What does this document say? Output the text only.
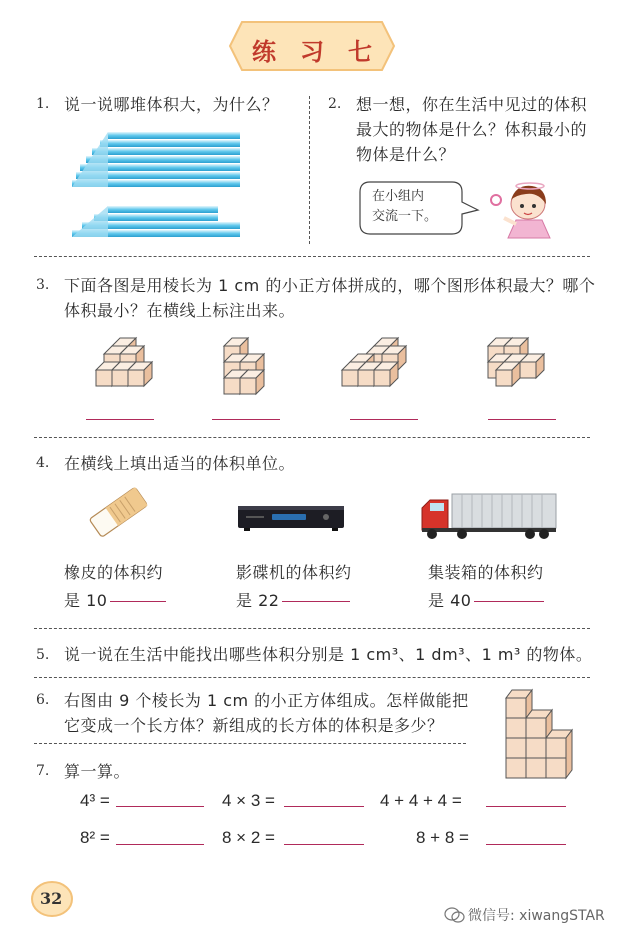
练 习 七
1. 说一说哪堆体积大，为什么？	2. 想一想，你在生活中见过的体积
最大的物体是什么？体积最小的
物体是什么？
在小组内
交流一下。
3. 下面各图是用棱长为 1 cm 的小正方体拼成的，哪个图形体积最大？哪个
体积最小？在横线上标注出来。
4. 在横线上填出适当的体积单位。
橡皮的体积约
是 10
影碟机的体积约
是 22
集装箱的体积约
是 40
5. 说一说在生活中能找出哪些体积分别是 1 cm³、1 dm³、1 m³ 的物体。
6. 右图由 9 个棱长为 1 cm 的小正方体组成。怎样做能把
它变成一个长方体？新组成的长方体的体积是多少？
7. 算一算。
4³ =	4 × 3 =	4 + 4 + 4 =
8² =	8 × 2 =	8 + 8 =
32
微信号: xiwangSTAR
